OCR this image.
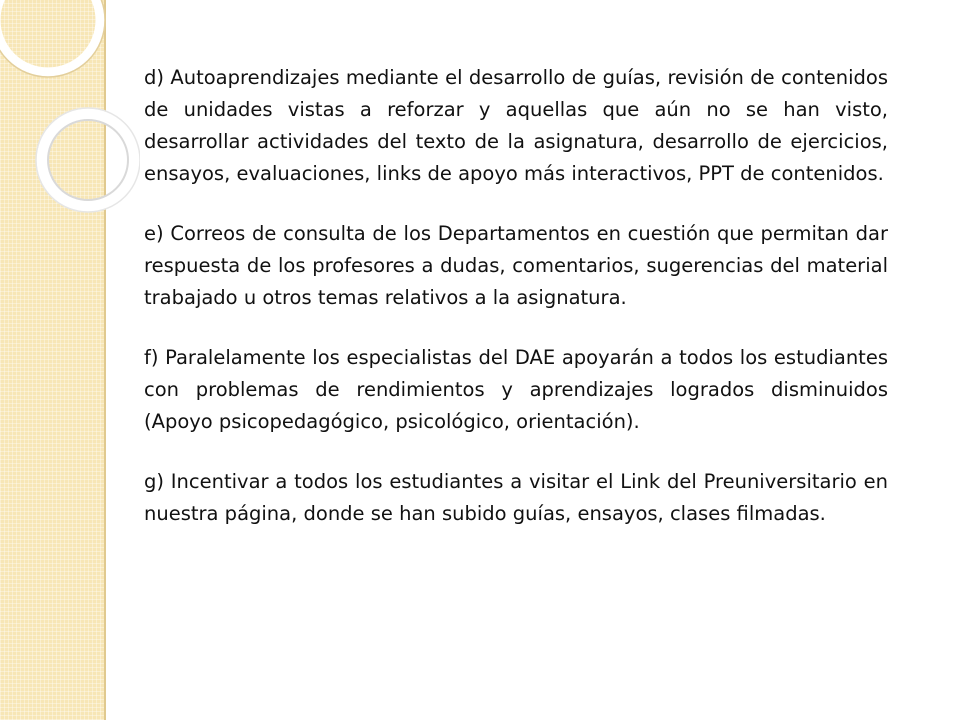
d) Autoaprendizajes mediante el desarrollo de guías, revisión de contenidos de unidades vistas a reforzar y aquellas que aún no se han visto, desarrollar actividades del texto de la asignatura, desarrollo de ejercicios, ensayos, evaluaciones, links de apoyo más interactivos, PPT de contenidos.

e) Correos de consulta de los Departamentos en cuestión que permitan dar respuesta de los profesores a dudas, comentarios, sugerencias del material trabajado u otros temas relativos a la asignatura.

f) Paralelamente los especialistas del DAE apoyarán a todos los estudiantes con problemas de rendimientos y aprendizajes logrados disminuidos (Apoyo psicopedagógico, psicológico, orientación).

g) Incentivar a todos los estudiantes a visitar el Link del Preuniversitario en nuestra página, donde se han subido guías, ensayos, clases filmadas.
